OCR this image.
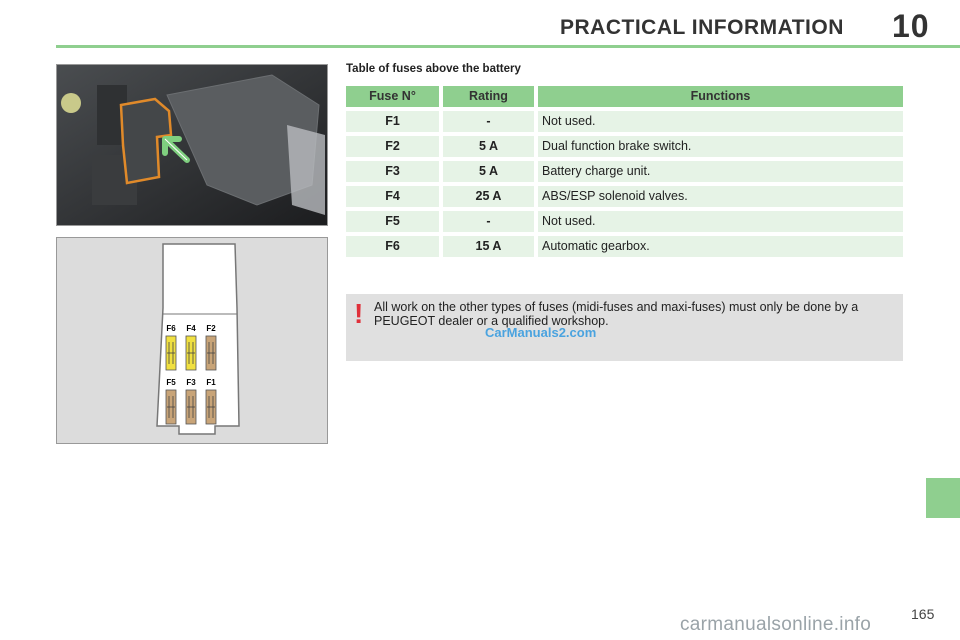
PRACTICAL INFORMATION 10
F6 F4 F2
F5 F3 F1
Table of fuses above the battery
Fuse N°	Rating	Functions
F1	-	Not used.
F2	5 A	Dual function brake switch.
F3	5 A	Battery charge unit.
F4	25 A	ABS/ESP solenoid valves.
F5	-	Not used.
F6	15 A	Automatic gearbox.
! All work on the other types of fuses (midi-fuses and maxi-fuses) must only be done by a PEUGEOT dealer or a qualified workshop.
CarManuals2.com
165
carmanualsonline.info
